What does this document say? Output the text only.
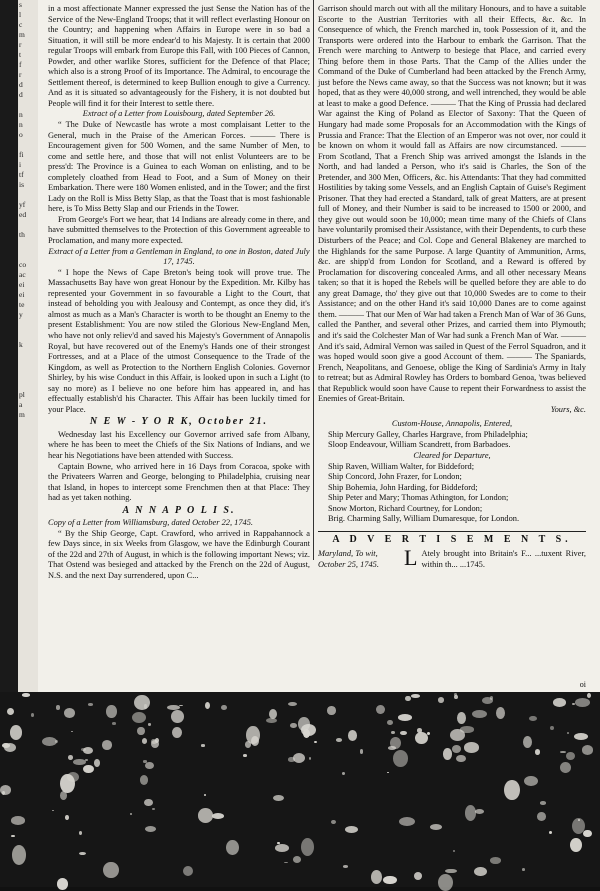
s
l
c
m
r
t
f
r
d
d
n
n
o
fi
i
tf
is
yf
ed
th
co
ac
ei
ei
te
y
k
pl
a
m

in a most affectionate Manner expressed the just Sense the Nation has of the Service of the New-England Troops; that it will reflect everlasting Honour on the Country; and happening when Affairs in Europe were in so bad a Situation, it will still be more endear'd to his Majesty. It is certain that 2000 regular Troops will embark from Europe this Fall, with 100 Pieces of Cannon, Powder, and other warlike Stores, sufficient for the Defence of that Place; which also is a strong Proof of its Importance. The Admiral, to encourage the Settlement thereof, is determined to keep Bullion enough to give a Currency. And as it is situated so advantageously for the Fishery, it is not doubted but People will find it for their Interest to settle there.

Extract of a Letter from Louisbourg, dated September 26.

“ The Duke of Newcastle has wrote a most complaisant Letter to the General, much in the Praise of the American Forces. ——— There is Encouragement given for 500 Women, and the same Number of Men, to come and settle here, and those that will not enlist Volunteers are to be press'd: The Province is a Guinea to each Woman on enlisting, and to be completely cloathed from Head to Foot, and a Sum of Money on their Embarkation. There were 180 Women enlisted, and in the Tower; and the first Lady on the Roll is Miss Betty Slap, as that the Toast that is most fashionable here, is To Miss Betty Slap and our Friends in the Tower.

From George's Fort we hear, that 14 Indians are already come in there, and have submitted themselves to the Protection of this Government agreeable to Proclamation, and many more expected.

Extract of a Letter from a Gentleman in England, to one in Boston, dated July 17, 1745.

“ I hope the News of Cape Breton's being took will prove true. The Massachusetts Bay have won great Honour by the Expedition. Mr. Kilby has represented your Government in so favourable a Light to the Court, that instead of beholding you with Jealousy and Contempt, as once they did, it's almost as much as a Man's Character is worth to be thought an Enemy to the present Establishment: You are now stiled the Glorious New-England Men, who have not only reliev'd and saved his Majesty's Government of Annapolis Royal, but have recovered out of the Enemy's Hands one of their strongest Fortresses, and at a Place of the utmost Consequence to the Trade of the Kingdom, as well as Protection to the Northern English Colonies. Governor Shirley, by his wise Conduct in this Affair, is looked upon in such a Light (to say no more) as I believe no one before him has appeared in, and has effectually establish'd his Character. This Affair has been luckily timed for your Place.

N E W - Y O R K, October 21.

Wednesday last his Excellency our Governor arrived safe from Albany, where he has been to meet the Chiefs of the Six Nations of Indians, and we hear his Negotiations have been attended with Success.

Captain Bowne, who arrived here in 16 Days from Coracoa, spoke with the Privateers Warren and George, belonging to Philadelphia, cruising near that Island, in hopes to intercept some Frenchmen then at that Place: They had as yet taken nothing.

A N N A P O L I S.

Copy of a Letter from Williamsburg, dated October 22, 1745.

“ By the Ship George, Capt. Crawford, who arrived in Rappahannock a few Days since, in six Weeks from Glasgow, we have the Edinburgh Courant of the 22d and 27th of August, in which is the following important News; viz. That Ostend was besieged and attacked by the French on the 22d of August, N.S. and the next Day surrendered, upon C...

Garrison should march out with all the military Honours, and to have a suitable Escorte to the Austrian Territories with all their Effects, &c. &c. In Consequence of which, the French marched in, took Possession of it, and the Transports were ordered into the Harbour to embark the Garrison. That the French were marching to Antwerp to besiege that Place, and carried every Thing before them in those Parts. That the Camp of the Allies under the Command of the Duke of Cumberland had been attacked by the French Army, just before the News came away, so that the Success was not known; but it was hoped, that as they were 40,000 strong, and well intrenched, they would be able at least to make a good Defence. ——— That the King of Prussia had declared War against the King of Poland as Elector of Saxony: That the Queen of Hungary had made some Proposals for an Accommodation with the Kings of Prussia and France: That the Election of an Emperor was not over, nor could it be known on whom it would fall as Affairs are now circumstanced. ——— From Scotland, That a French Ship was arrived amongst the Islands in the North, and had landed a Person, who it's said is Charles, the Son of the Pretender, and 300 Men, Officers, &c. his Attendants: That they had committed Hostilities by taking some Vessels, and an English Captain of Guise's Regiment Prisoner. That they had erected a Standard, talk of great Matters, are at present full of Money, and their Number is said to be increased to 1500 or 2000, and they give out would soon be 10,000; mean time many of the Chiefs of Clans have voluntarily promised their Assistance, with their Dependents, to curb these Disturbers of the Peace; and Col. Cope and General Blakeney are marched to the Highlands for the same Purpose. A large Quantity of Ammunition, Arms, &c. are shipp'd from London for Scotland, and a Reward is offered by Proclamation for discovering concealed Arms, and all other necessary Means taken; so that it is hoped the Rebels will be quelled before they are able to do any great Damage, tho' they give out that 10,000 Swedes are to come to their Assistance; and on the other Hand it's said 10,000 Danes are to come against them. ——— That our Men of War had taken a French Man of War of 36 Guns, called the Panther, and several other Prizes, and carried them into Plymouth; and it's said the Colchester Man of War had sunk a French Man of War. ——— And it's said, Admiral Vernon was sailed in Quest of the Ferrol Squadron, and it was hoped would soon give a good Account of them. ——— The Spaniards, French, Neapolitans, and Genoese, oblige the King of Sardinia's Army in Italy to retreat; but as Admiral Rowley has Orders to bombard Genoa, 'twas believed that Republick would soon have Cause to repent their Forwardness to assist the Enemies of Great-Britain.

Yours, &c.

Custom-House, Annapolis, Entered,

Ship Mercury Galley, Charles Hargrave, from Philadelphia;

Sloop Endeavour, William Scandrett, from Barbadoes.

Cleared for Departure,

Ship Raven, William Walter, for Biddeford;

Ship Concord, John Frazer, for London;

Ship Bohemia, John Harding, for Biddeford;

Ship Peter and Mary; Thomas Athington, for London;

Snow Morton, Richard Courtney, for London;

Brig. Charming Sally, William Dumaresque, for London.

A D V E R T I S E M E N T S.

Maryland, To wit, October 25, 1745.	L Ately brought into Britain's F... ...tuxent River, within th... ...1745.
oi
